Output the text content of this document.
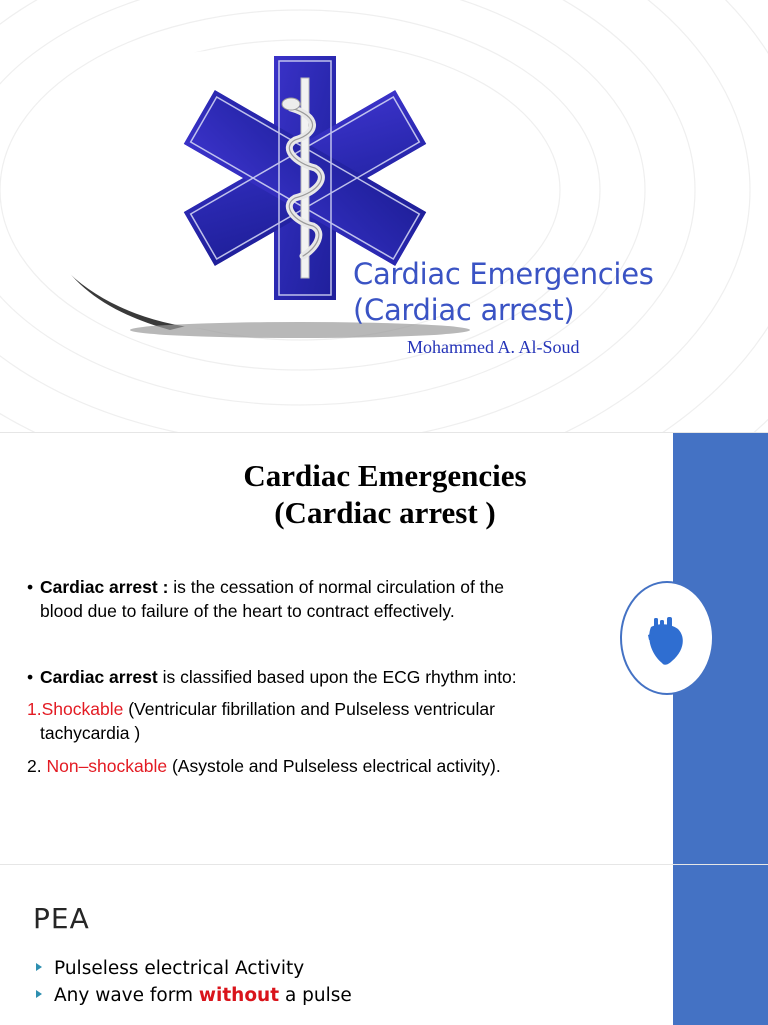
Cardiac Emergencies
(Cardiac arrest)
Mohammed A. Al-Soud
Cardiac Emergencies
(Cardiac arrest )
• Cardiac arrest : is the cessation of normal circulation of the
blood due to failure of the heart to contract effectively.
• Cardiac arrest is classified based upon the ECG rhythm into:
1.Shockable (Ventricular fibrillation and Pulseless ventricular
tachycardia )
2. Non–shockable (Asystole and Pulseless electrical activity).
PEA
Pulseless electrical Activity
Any wave form without a pulse
